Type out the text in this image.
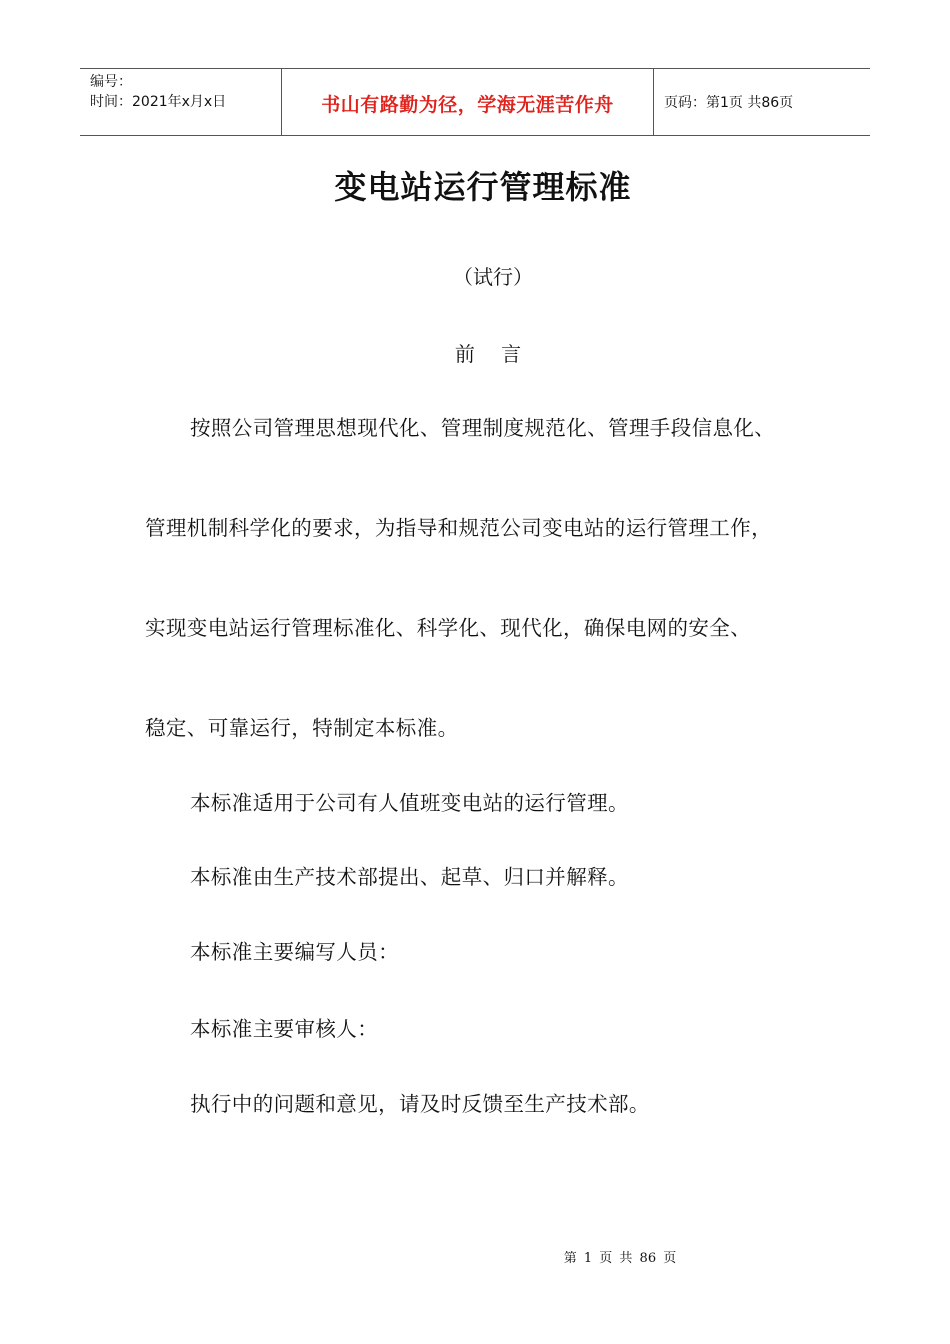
编号：
时间：2021年x月x日	书山有路勤为径，学海无涯苦作舟	页码：第1页 共86页
变电站运行管理标准
（试行）
前 言
按照公司管理思想现代化、管理制度规范化、管理手段信息化、
管理机制科学化的要求，为指导和规范公司变电站的运行管理工作，
实现变电站运行管理标准化、科学化、现代化，确保电网的安全、
稳定、可靠运行，特制定本标准。
本标准适用于公司有人值班变电站的运行管理。
本标准由生产技术部提出、起草、归口并解释。
本标准主要编写人员：
本标准主要审核人：
执行中的问题和意见，请及时反馈至生产技术部。
第 1 页 共 86 页
